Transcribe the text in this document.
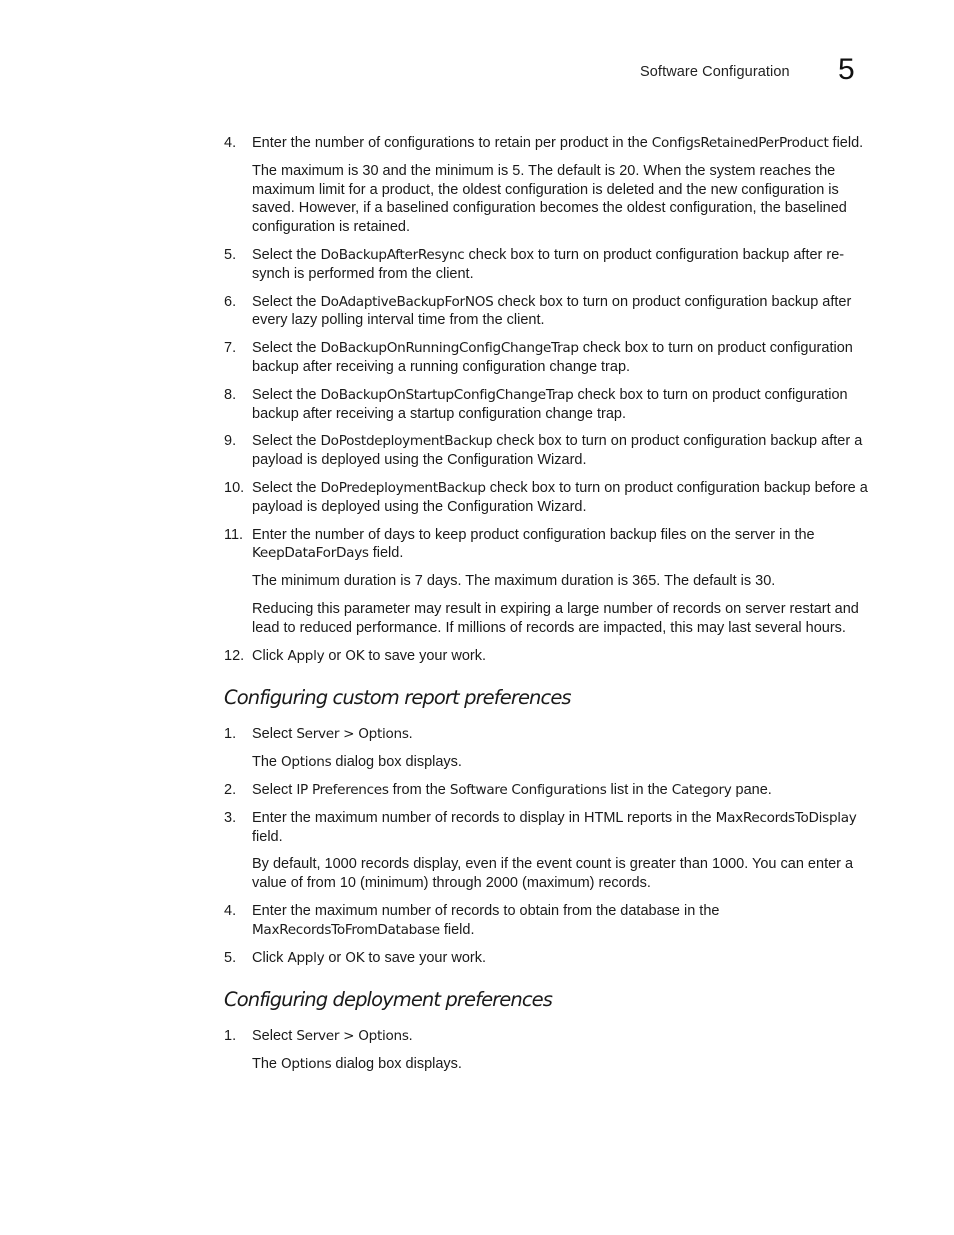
Software Configuration 5
4. Enter the number of configurations to retain per product in the ConfigsRetainedPerProduct field.
The maximum is 30 and the minimum is 5. The default is 20. When the system reaches the maximum limit for a product, the oldest configuration is deleted and the new configuration is saved. However, if a baselined configuration becomes the oldest configuration, the baselined configuration is retained.
5. Select the DoBackupAfterResync check box to turn on product configuration backup after re-synch is performed from the client.
6. Select the DoAdaptiveBackupForNOS check box to turn on product configuration backup after every lazy polling interval time from the client.
7. Select the DoBackupOnRunningConfigChangeTrap check box to turn on product configuration backup after receiving a running configuration change trap.
8. Select the DoBackupOnStartupConfigChangeTrap check box to turn on product configuration backup after receiving a startup configuration change trap.
9. Select the DoPostdeploymentBackup check box to turn on product configuration backup after a payload is deployed using the Configuration Wizard.
10. Select the DoPredeploymentBackup check box to turn on product configuration backup before a payload is deployed using the Configuration Wizard.
11. Enter the number of days to keep product configuration backup files on the server in the KeepDataForDays field.
The minimum duration is 7 days. The maximum duration is 365. The default is 30.
Reducing this parameter may result in expiring a large number of records on server restart and lead to reduced performance. If millions of records are impacted, this may last several hours.
12. Click Apply or OK to save your work.
Configuring custom report preferences
1. Select Server > Options.
The Options dialog box displays.
2. Select IP Preferences from the Software Configurations list in the Category pane.
3. Enter the maximum number of records to display in HTML reports in the MaxRecordsToDisplay field.
By default, 1000 records display, even if the event count is greater than 1000. You can enter a value of from 10 (minimum) through 2000 (maximum) records.
4. Enter the maximum number of records to obtain from the database in the MaxRecordsToFromDatabase field.
5. Click Apply or OK to save your work.
Configuring deployment preferences
1. Select Server > Options.
The Options dialog box displays.
